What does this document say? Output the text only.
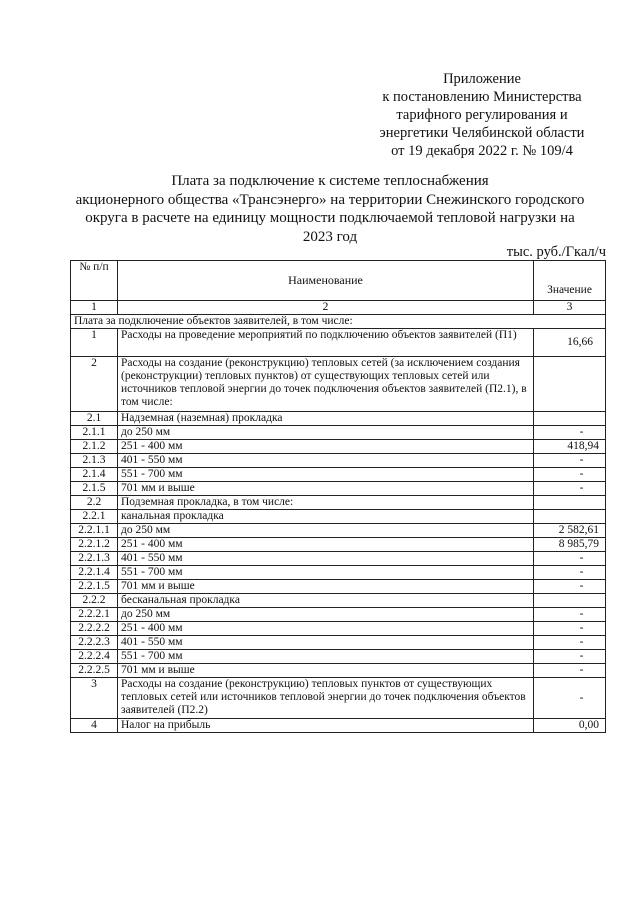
Приложение
к постановлению Министерства
тарифного регулирования и
энергетики Челябинской области
от 19 декабря 2022 г. № 109/4
Плата за подключение к системе теплоснабжения
акционерного общества «Трансэнерго» на территории Снежинского городского
округа в расчете на единицу мощности подключаемой тепловой нагрузки на
2023 год
тыс. руб./Гкал/ч
№ п/п	Наименование	Значение
1	2	3
Плата за подключение объектов заявителей, в том числе:		
1	Расходы на проведение мероприятий по подключению объектов заявителей (П1)	16,66
2	Расходы на создание (реконструкцию) тепловых сетей (за исключением создания (реконструкции) тепловых пунктов) от существующих тепловых сетей или источников тепловой энергии до точек подключения объектов заявителей (П2.1), в том числе:	
2.1	Надземная (наземная) прокладка	
2.1.1	до 250 мм	-
2.1.2	251 - 400 мм	418,94
2.1.3	401 - 550 мм	-
2.1.4	551 - 700 мм	-
2.1.5	701 мм и выше	-
2.2	Подземная прокладка, в том числе:	
2.2.1	канальная прокладка	
2.2.1.1	до 250 мм	2 582,61
2.2.1.2	251 - 400 мм	8 985,79
2.2.1.3	401 - 550 мм	-
2.2.1.4	551 - 700 мм	-
2.2.1.5	701 мм и выше	-
2.2.2	бесканальная прокладка	
2.2.2.1	до 250 мм	-
2.2.2.2	251 - 400 мм	-
2.2.2.3	401 - 550 мм	-
2.2.2.4	551 - 700 мм	-
2.2.2.5	701 мм и выше	-
3	Расходы на создание (реконструкцию) тепловых пунктов от существующих тепловых сетей или источников тепловой энергии до точек подключения объектов заявителей (П2.2)	-
4	Налог на прибыль	0,00
